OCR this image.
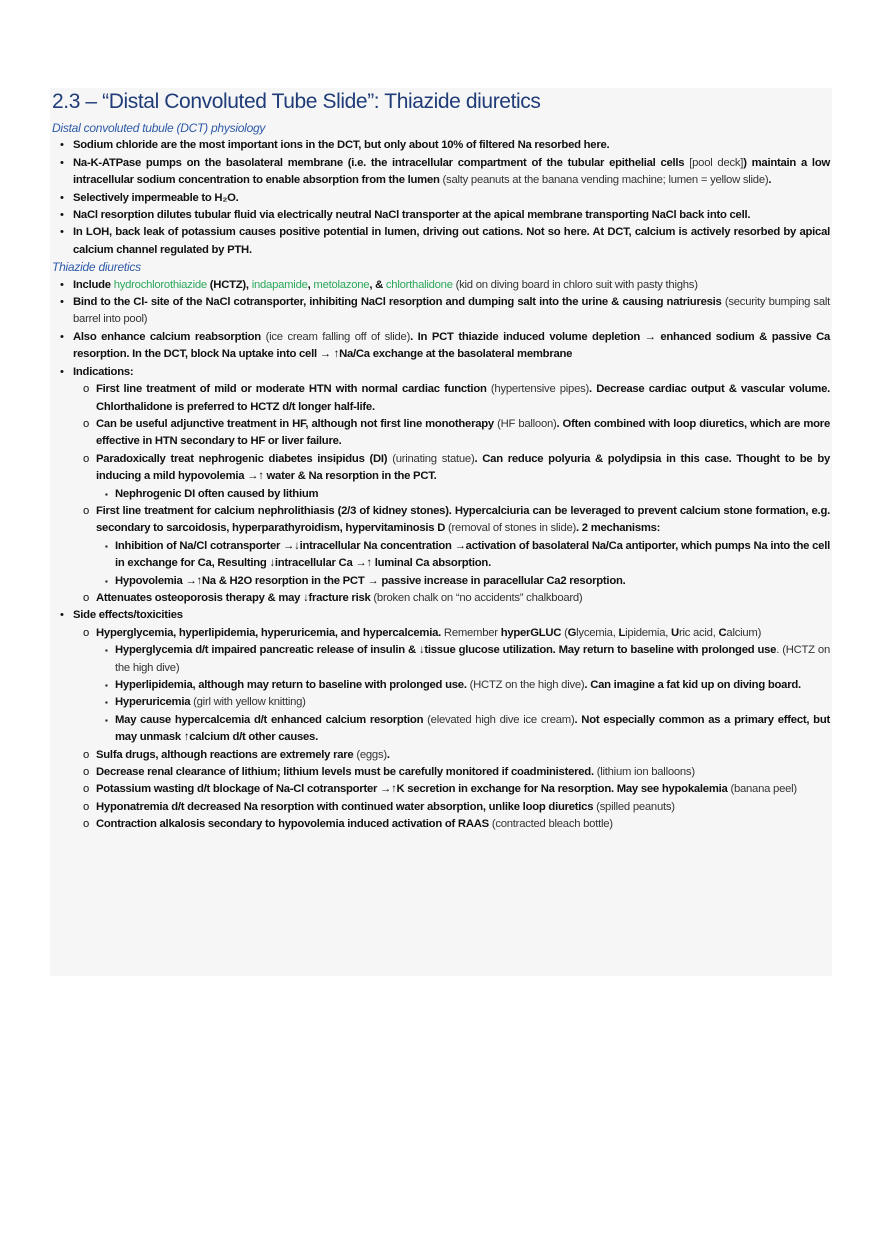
2.3 – “Distal Convoluted Tube Slide”: Thiazide diuretics
Distal convoluted tubule (DCT) physiology
• Sodium chloride are the most important ions in the DCT, but only about 10% of filtered Na resorbed here.
• Na-K-ATPase pumps on the basolateral membrane (i.e. the intracellular compartment of the tubular epithelial cells [pool deck]) maintain a low intracellular sodium concentration to enable absorption from the lumen (salty peanuts at the banana vending machine; lumen = yellow slide).
• Selectively impermeable to H₂O.
• NaCl resorption dilutes tubular fluid via electrically neutral NaCl transporter at the apical membrane transporting NaCl back into cell.
• In LOH, back leak of potassium causes positive potential in lumen, driving out cations. Not so here. At DCT, calcium is actively resorbed by apical calcium channel regulated by PTH.
Thiazide diuretics
• Include hydrochlorothiazide (HCTZ), indapamide, metolazone, & chlorthalidone (kid on diving board in chloro suit with pasty thighs)
• Bind to the Cl- site of the NaCl cotransporter, inhibiting NaCl resorption and dumping salt into the urine & causing natriuresis (security bumping salt barrel into pool)
• Also enhance calcium reabsorption (ice cream falling off of slide). In PCT thiazide induced volume depletion → enhanced sodium & passive Ca resorption. In the DCT, block Na uptake into cell → ↑Na/Ca exchange at the basolateral membrane
• Indications:
o First line treatment of mild or moderate HTN with normal cardiac function (hypertensive pipes). Decrease cardiac output & vascular volume. Chlorthalidone is preferred to HCTZ d/t longer half-life.
o Can be useful adjunctive treatment in HF, although not first line monotherapy (HF balloon). Often combined with loop diuretics, which are more effective in HTN secondary to HF or liver failure.
o Paradoxically treat nephrogenic diabetes insipidus (DI) (urinating statue). Can reduce polyuria & polydipsia in this case. Thought to be by inducing a mild hypovolemia →↑ water & Na resorption in the PCT.
▪ Nephrogenic DI often caused by lithium
o First line treatment for calcium nephrolithiasis (2/3 of kidney stones). Hypercalciuria can be leveraged to prevent calcium stone formation, e.g. secondary to sarcoidosis, hyperparathyroidism, hypervitaminosis D (removal of stones in slide). 2 mechanisms:
▪ Inhibition of Na/Cl cotransporter →↓intracellular Na concentration →activation of basolateral Na/Ca antiporter, which pumps Na into the cell in exchange for Ca, Resulting ↓intracellular Ca →↑ luminal Ca absorption.
▪ Hypovolemia →↑Na & H2O resorption in the PCT → passive increase in paracellular Ca2 resorption.
o Attenuates osteoporosis therapy & may ↓fracture risk (broken chalk on “no accidents” chalkboard)
• Side effects/toxicities
o Hyperglycemia, hyperlipidemia, hyperuricemia, and hypercalcemia. Remember hyperGLUC (Glycemia, Lipidemia, Uric acid, Calcium)
▪ Hyperglycemia d/t impaired pancreatic release of insulin & ↓tissue glucose utilization. May return to baseline with prolonged use. (HCTZ on the high dive)
▪ Hyperlipidemia, although may return to baseline with prolonged use. (HCTZ on the high dive). Can imagine a fat kid up on diving board.
▪ Hyperuricemia (girl with yellow knitting)
▪ May cause hypercalcemia d/t enhanced calcium resorption (elevated high dive ice cream). Not especially common as a primary effect, but may unmask ↑calcium d/t other causes.
o Sulfa drugs, although reactions are extremely rare (eggs).
o Decrease renal clearance of lithium; lithium levels must be carefully monitored if coadministered. (lithium ion balloons)
o Potassium wasting d/t blockage of Na-Cl cotransporter →↑K secretion in exchange for Na resorption. May see hypokalemia (banana peel)
o Hyponatremia d/t decreased Na resorption with continued water absorption, unlike loop diuretics (spilled peanuts)
o Contraction alkalosis secondary to hypovolemia induced activation of RAAS (contracted bleach bottle)
